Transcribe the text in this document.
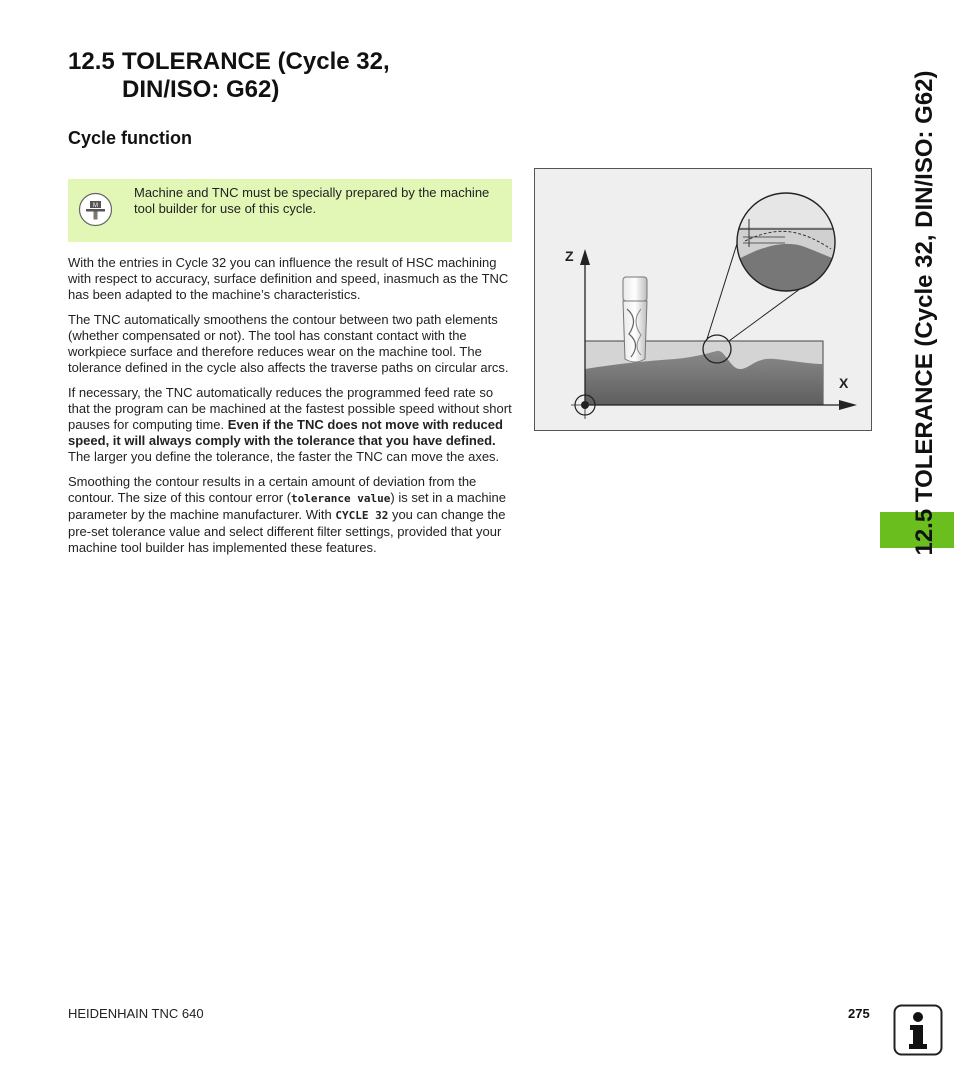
12.5 TOLERANCE (Cycle 32,
DIN/ISO: G62)
Cycle function
M
Machine and TNC must be specially prepared by the machine tool builder for use of this cycle.

With the entries in Cycle 32 you can influence the result of HSC machining with respect to accuracy, surface definition and speed, inasmuch as the TNC has been adapted to the machine’s characteristics.

The TNC automatically smoothens the contour between two path elements (whether compensated or not). The tool has constant contact with the workpiece surface and therefore reduces wear on the machine tool. The tolerance defined in the cycle also affects the traverse paths on circular arcs.

If necessary, the TNC automatically reduces the programmed feed rate so that the program can be machined at the fastest possible speed without short pauses for computing time. Even if the TNC does not move with reduced speed, it will always comply with the tolerance that you have defined. The larger you define the tolerance, the faster the TNC can move the axes.

Smoothing the contour results in a certain amount of deviation from the contour. The size of this contour error (tolerance value) is set in a machine parameter by the machine manufacturer. With CYCLE 32 you can change the pre-set tolerance value and select different filter settings, provided that your machine tool builder has implemented these features.

Z
X	12.5 TOLERANCE (Cycle 32, DIN/ISO: G62)
HEIDENHAIN TNC 640	275
